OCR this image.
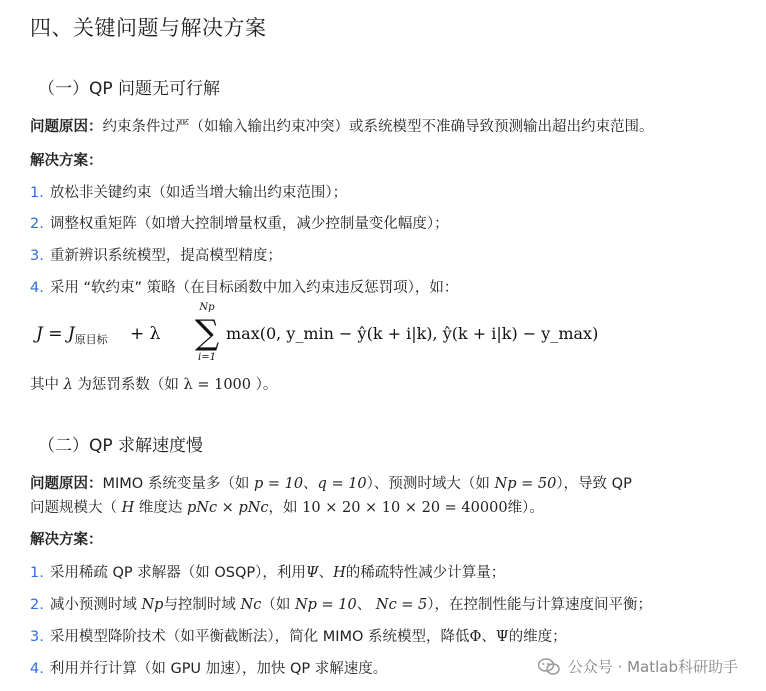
四、关键问题与解决方案
（一）QP 问题无可行解
问题原因：约束条件过严（如输入输出约束冲突）或系统模型不准确导致预测输出超出约束范围。
解决方案：
1. 放松非关键约束（如适当增大输出约束范围）；
2. 调整权重矩阵（如增大控制增量权重，减少控制量变化幅度）；
3. 重新辨识系统模型，提高模型精度；
4. 采用 “软约束” 策略（在目标函数中加入约束违反惩罚项），如：
$J = J_{原目标} + \lambda$
Np
∑
i=1
max(0, y_min − ŷ(k + i|k), ŷ(k + i|k) − y_max)
其中 λ 为惩罚系数（如 λ = 1000 ）。
（二）QP 求解速度慢
问题原因：MIMO 系统变量多（如 p = 10、q = 10）、预测时域大（如 Np = 50），导致 QP
问题规模大（ H 维度达 pNc × pNc，如 10 × 20 × 10 × 20 = 40000维）。
解决方案：
1. 采用稀疏 QP 求解器（如 OSQP），利用Ψ、H的稀疏特性减少计算量；
2. 减小预测时域 Np与控制时域 Nc（如 Np = 10、 Nc = 5），在控制性能与计算速度间平衡；
3. 采用模型降阶技术（如平衡截断法），简化 MIMO 系统模型，降低Φ、Ψ的维度；
4. 利用并行计算（如 GPU 加速），加快 QP 求解速度。	公众号 · Matlab科研助手
